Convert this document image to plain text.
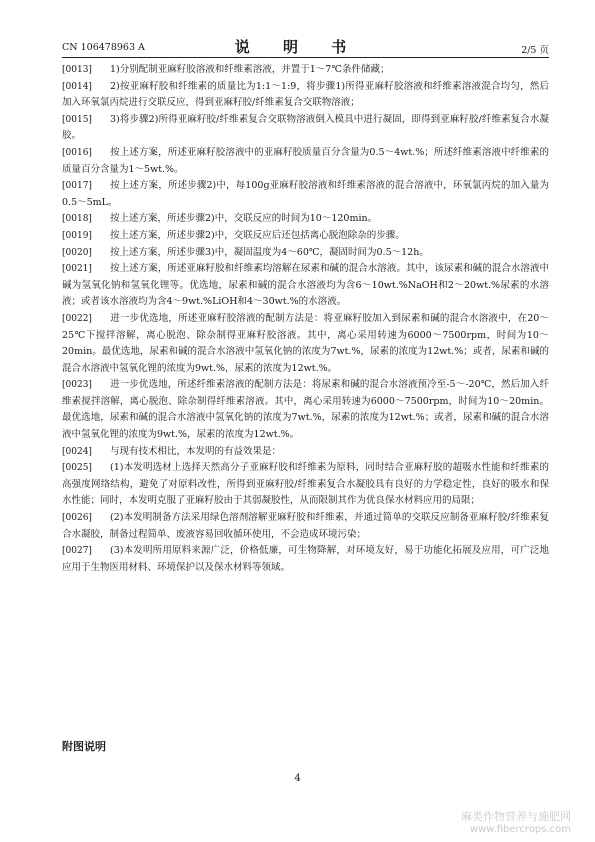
CN 106478963 A	说 明 书	2/5 页

[0013] 1)分别配制亚麻籽胶溶液和纤维素溶液，并置于1～7℃条件储藏；

[0014] 2)按亚麻籽胶和纤维素的质量比为1:1～1:9，将步骤1)所得亚麻籽胶溶液和纤维素溶液混合均匀，然后加入环氧氯丙烷进行交联反应，得到亚麻籽胶/纤维素复合交联物溶液；

[0015] 3)将步骤2)所得亚麻籽胶/纤维素复合交联物溶液倒入模具中进行凝固，即得到亚麻籽胶/纤维素复合水凝胶。

[0016] 按上述方案，所述亚麻籽胶溶液中的亚麻籽胶质量百分含量为0.5～4wt.%；所述纤维素溶液中纤维素的质量百分含量为1～5wt.%。

[0017] 按上述方案，所述步骤2)中，每100g亚麻籽胶溶液和纤维素溶液的混合溶液中，环氧氯丙烷的加入量为0.5～5mL。

[0018] 按上述方案，所述步骤2)中，交联反应的时间为10～120min。

[0019] 按上述方案，所述步骤2)中，交联反应后还包括离心脱泡除杂的步骤。

[0020] 按上述方案，所述步骤3)中，凝固温度为4～60℃，凝固时间为0.5～12h。

[0021] 按上述方案，所述亚麻籽胶和纤维素均溶解在尿素和碱的混合水溶液。其中，该尿素和碱的混合水溶液中碱为氢氧化钠和氢氧化锂等。优选地，尿素和碱的混合水溶液均为含6～10wt.%NaOH和2～20wt.%尿素的水溶液；或者该水溶液均为含4～9wt.%LiOH和4～30wt.%的水溶液。

[0022] 进一步优选地，所述亚麻籽胶溶液的配制方法是：将亚麻籽胶加入到尿素和碱的混合水溶液中，在20～25℃下搅拌溶解，离心脱泡、除杂制得亚麻籽胶溶液。其中，离心采用转速为6000～7500rpm，时间为10～20min。最优选地，尿素和碱的混合水溶液中氢氧化钠的浓度为7wt.%，尿素的浓度为12wt.%；或者，尿素和碱的混合水溶液中氢氧化锂的浓度为9wt.%，尿素的浓度为12wt.%。

[0023] 进一步优选地，所述纤维素溶液的配制方法是：将尿素和碱的混合水溶液预冷至-5～-20℃，然后加入纤维素搅拌溶解，离心脱泡、除杂制得纤维素溶液。其中，离心采用转速为6000～7500rpm，时间为10～20min。最优选地，尿素和碱的混合水溶液中氢氧化钠的浓度为7wt.%，尿素的浓度为12wt.%；或者，尿素和碱的混合水溶液中氢氧化锂的浓度为9wt.%，尿素的浓度为12wt.%。

[0024] 与现有技术相比，本发明的有益效果是：

[0025] (1)本发明选材上选择天然高分子亚麻籽胶和纤维素为原料，同时结合亚麻籽胶的超吸水性能和纤维素的高强度网络结构，避免了对原料改性，所得到亚麻籽胶/纤维素复合水凝胶具有良好的力学稳定性，良好的吸水和保水性能；同时，本发明克服了亚麻籽胶由于其弱凝胶性，从而限制其作为优良保水材料应用的局限；

[0026] (2)本发明制备方法采用绿色溶剂溶解亚麻籽胶和纤维素，并通过简单的交联反应制备亚麻籽胶/纤维素复合水凝胶，制备过程简单、废液容易回收循环使用，不会造成环境污染；

[0027] (3)本发明所用原料来源广泛，价格低廉，可生物降解，对环境友好，易于功能化拓展及应用，可广泛地应用于生物医用材料、环境保护以及保水材料等领域。

附图说明
4
麻类作物营养与施肥网
www.fibercrops.com
